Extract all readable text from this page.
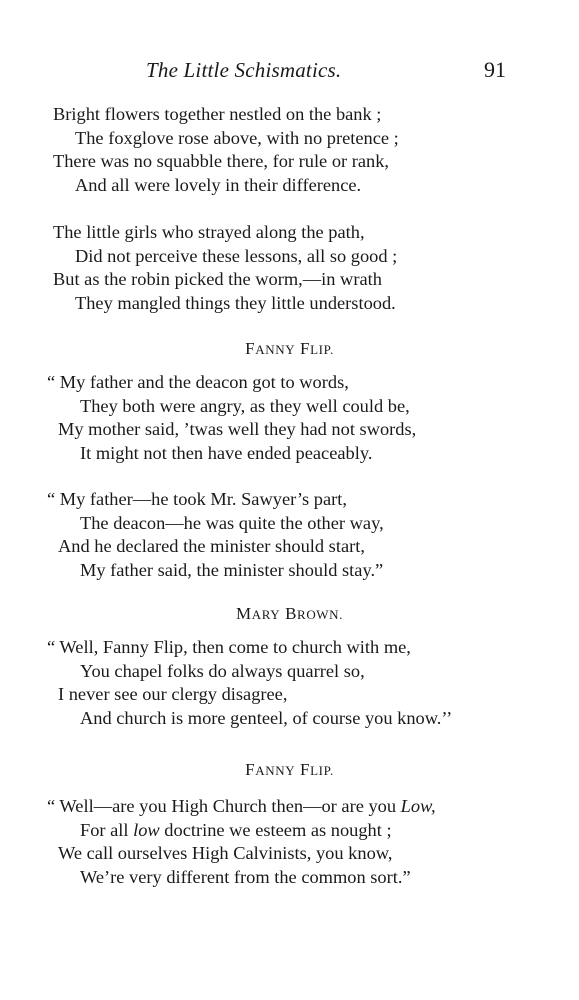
The Little Schismatics.	91
Bright flowers together nestled on the bank ;
The foxglove rose above, with no pretence ;
There was no squabble there, for rule or rank,
And all were lovely in their difference.
The little girls who strayed along the path,
Did not perceive these lessons, all so good ;
But as the robin picked the worm,—in wrath
They mangled things they little understood.
FANNY FLIP.
“ My father and the deacon got to words,
They both were angry, as they well could be,
My mother said, ’twas well they had not swords,
It might not then have ended peaceably.
“ My father—he took Mr. Sawyer’s part,
The deacon—he was quite the other way,
And he declared the minister should start,
My father said, the minister should stay.”
MARY BROWN.
“ Well, Fanny Flip, then come to church with me,
You chapel folks do always quarrel so,
I never see our clergy disagree,
And church is more genteel, of course you know.’’
FANNY FLIP.
“ Well—are you High Church then—or are you Low,
For all low doctrine we esteem as nought ;
We call ourselves High Calvinists, you know,
We’re very different from the common sort.”
